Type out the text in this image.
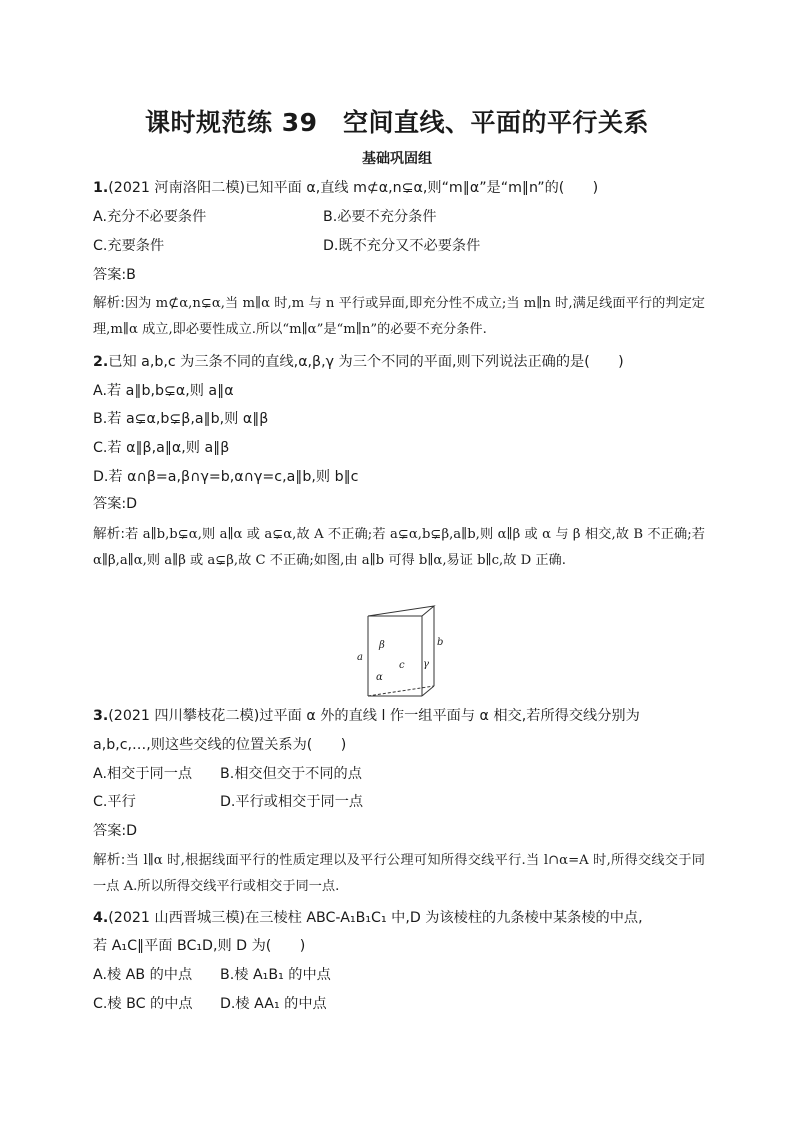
课时规范练 39　空间直线、平面的平行关系
基础巩固组
1.(2021 河南洛阳二模)已知平面 α,直线 m⊄α,n⊊α,则“m∥α”是“m∥n”的(　　)
A.充分不必要条件	B.必要不充分条件
C.充要条件	D.既不充分又不必要条件
答案:B
解析:因为 m⊄α,n⊊α,当 m∥α 时,m 与 n 平行或异面,即充分性不成立;当 m∥n 时,满足线面平行的判定定理,m∥α 成立,即必要性成立.所以“m∥α”是“m∥n”的必要不充分条件.
2.已知 a,b,c 为三条不同的直线,α,β,γ 为三个不同的平面,则下列说法正确的是(　　)
A.若 a∥b,b⊊α,则 a∥α
B.若 a⊊α,b⊊β,a∥b,则 α∥β
C.若 α∥β,a∥α,则 a∥β
D.若 α∩β=a,β∩γ=b,α∩γ=c,a∥b,则 b∥c
答案:D
解析:若 a∥b,b⊊α,则 a∥α 或 a⊊α,故 A 不正确;若 a⊊α,b⊊β,a∥b,则 α∥β 或 α 与 β 相交,故 B 不正确;若 α∥β,a∥α,则 a∥β 或 a⊊β,故 C 不正确;如图,由 a∥b 可得 b∥α,易证 b∥c,故 D 正确.
a
b
c
α
β
γ
3.(2021 四川攀枝花二模)过平面 α 外的直线 l 作一组平面与 α 相交,若所得交线分别为
a,b,c,…,则这些交线的位置关系为(　　)
A.相交于同一点 B.相交但交于不同的点
C.平行	D.平行或相交于同一点
答案:D
解析:当 l∥α 时,根据线面平行的性质定理以及平行公理可知所得交线平行.当 l∩α=A 时,所得交线交于同一点 A.所以所得交线平行或相交于同一点.
4.(2021 山西晋城三模)在三棱柱 ABC-A₁B₁C₁ 中,D 为该棱柱的九条棱中某条棱的中点,
若 A₁C∥平面 BC₁D,则 D 为(　　)
A.棱 AB 的中点 B.棱 A₁B₁ 的中点
C.棱 BC 的中点 D.棱 AA₁ 的中点
